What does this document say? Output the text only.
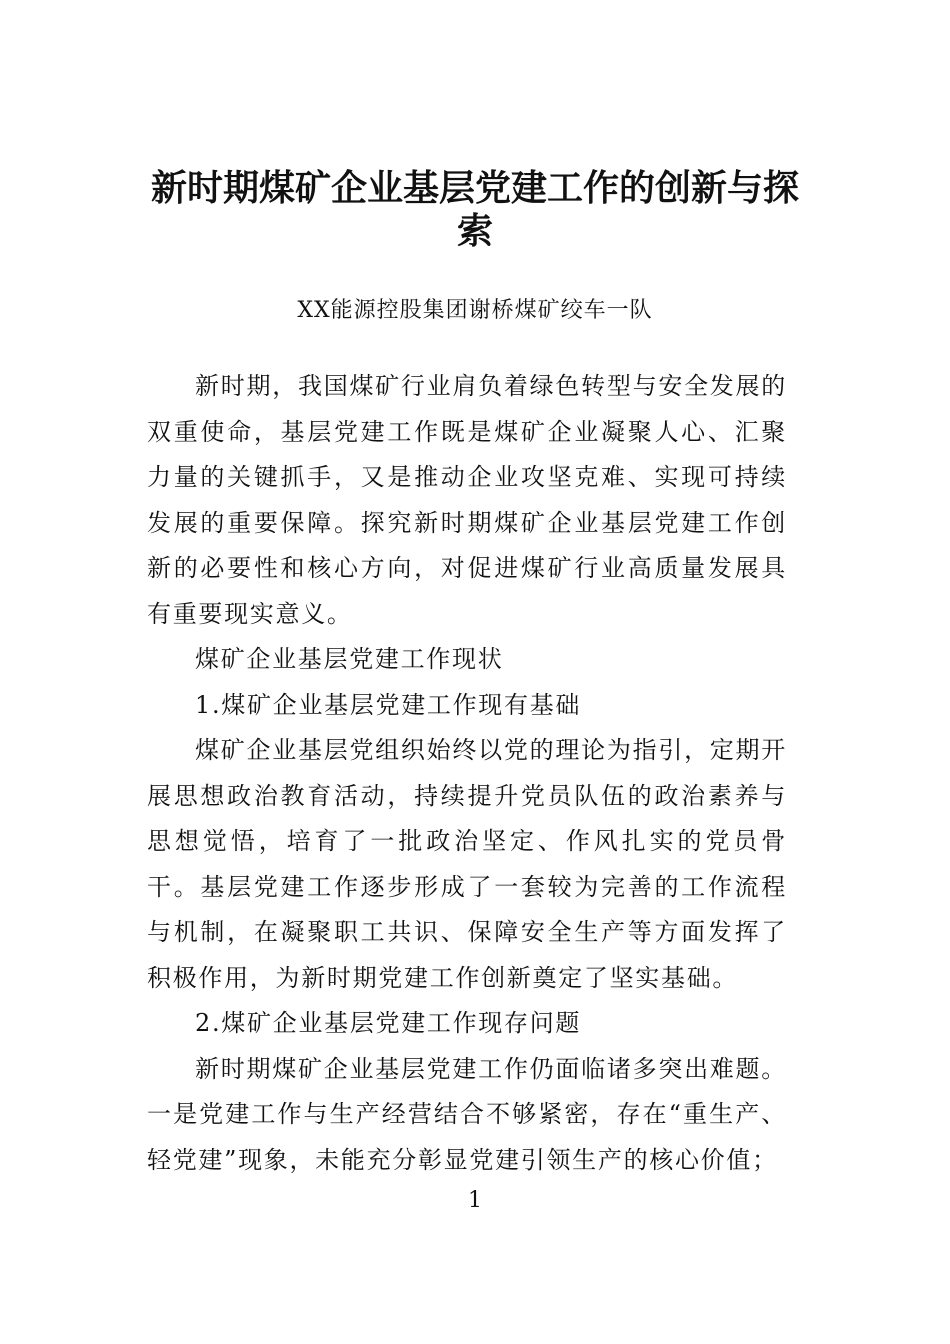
新时期煤矿企业基层党建工作的创新与探
索
XX能源控股集团谢桥煤矿绞车一队

新时期，我国煤矿行业肩负着绿色转型与安全发展的双重使命，基层党建工作既是煤矿企业凝聚人心、汇聚力量的关键抓手，又是推动企业攻坚克难、实现可持续发展的重要保障。探究新时期煤矿企业基层党建工作创新的必要性和核心方向，对促进煤矿行业高质量发展具有重要现实意义。

煤矿企业基层党建工作现状

1.煤矿企业基层党建工作现有基础

煤矿企业基层党组织始终以党的理论为指引，定期开展思想政治教育活动，持续提升党员队伍的政治素养与思想觉悟，培育了一批政治坚定、作风扎实的党员骨干。基层党建工作逐步形成了一套较为完善的工作流程与机制，在凝聚职工共识、保障安全生产等方面发挥了积极作用，为新时期党建工作创新奠定了坚实基础。

2.煤矿企业基层党建工作现存问题

新时期煤矿企业基层党建工作仍面临诸多突出难题。一是党建工作与生产经营结合不够紧密，存在“重生产、轻党建”现象，未能充分彰显党建引领生产的核心价值；

1
